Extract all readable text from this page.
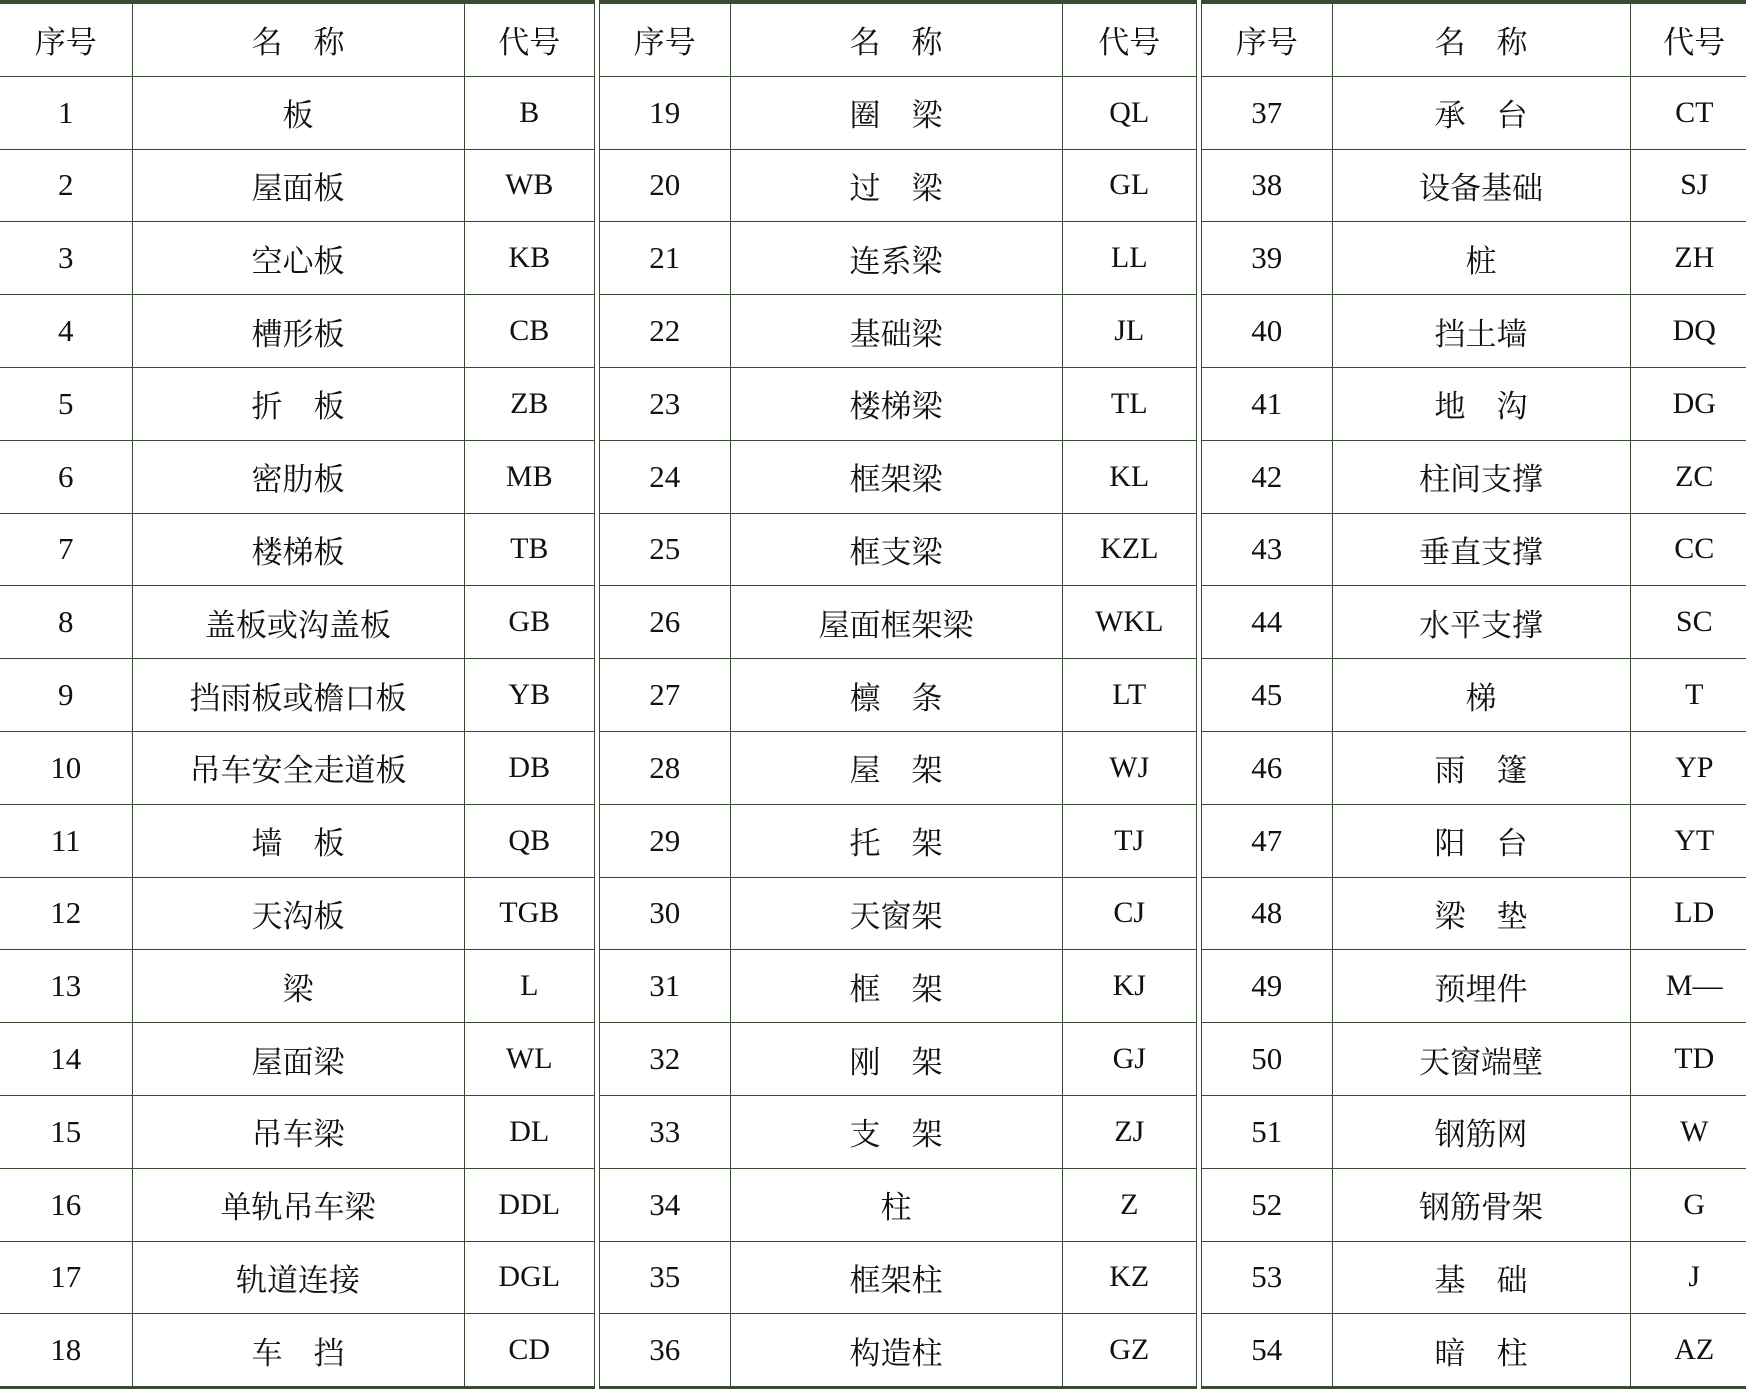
序号	名　称	代号
1	板	B
2	屋面板	WB
3	空心板	KB
4	槽形板	CB
5	折　板	ZB
6	密肋板	MB
7	楼梯板	TB
8	盖板或沟盖板	GB
9	挡雨板或檐口板	YB
10	吊车安全走道板	DB
11	墙　板	QB
12	天沟板	TGB
13	梁	L
14	屋面梁	WL
15	吊车梁	DL
16	单轨吊车梁	DDL
17	轨道连接	DGL
18	车　挡	CD
序号	名　称	代号
19	圈　梁	QL
20	过　梁	GL
21	连系梁	LL
22	基础梁	JL
23	楼梯梁	TL
24	框架梁	KL
25	框支梁	KZL
26	屋面框架梁	WKL
27	檩　条	LT
28	屋　架	WJ
29	托　架	TJ
30	天窗架	CJ
31	框　架	KJ
32	刚　架	GJ
33	支　架	ZJ
34	柱	Z
35	框架柱	KZ
36	构造柱	GZ
序号	名　称	代号
37	承　台	CT
38	设备基础	SJ
39	桩	ZH
40	挡土墙	DQ
41	地　沟	DG
42	柱间支撑	ZC
43	垂直支撑	CC
44	水平支撑	SC
45	梯	T
46	雨　篷	YP
47	阳　台	YT
48	梁　垫	LD
49	预埋件	M—
50	天窗端壁	TD
51	钢筋网	W
52	钢筋骨架	G
53	基　础	J
54	暗　柱	AZ
